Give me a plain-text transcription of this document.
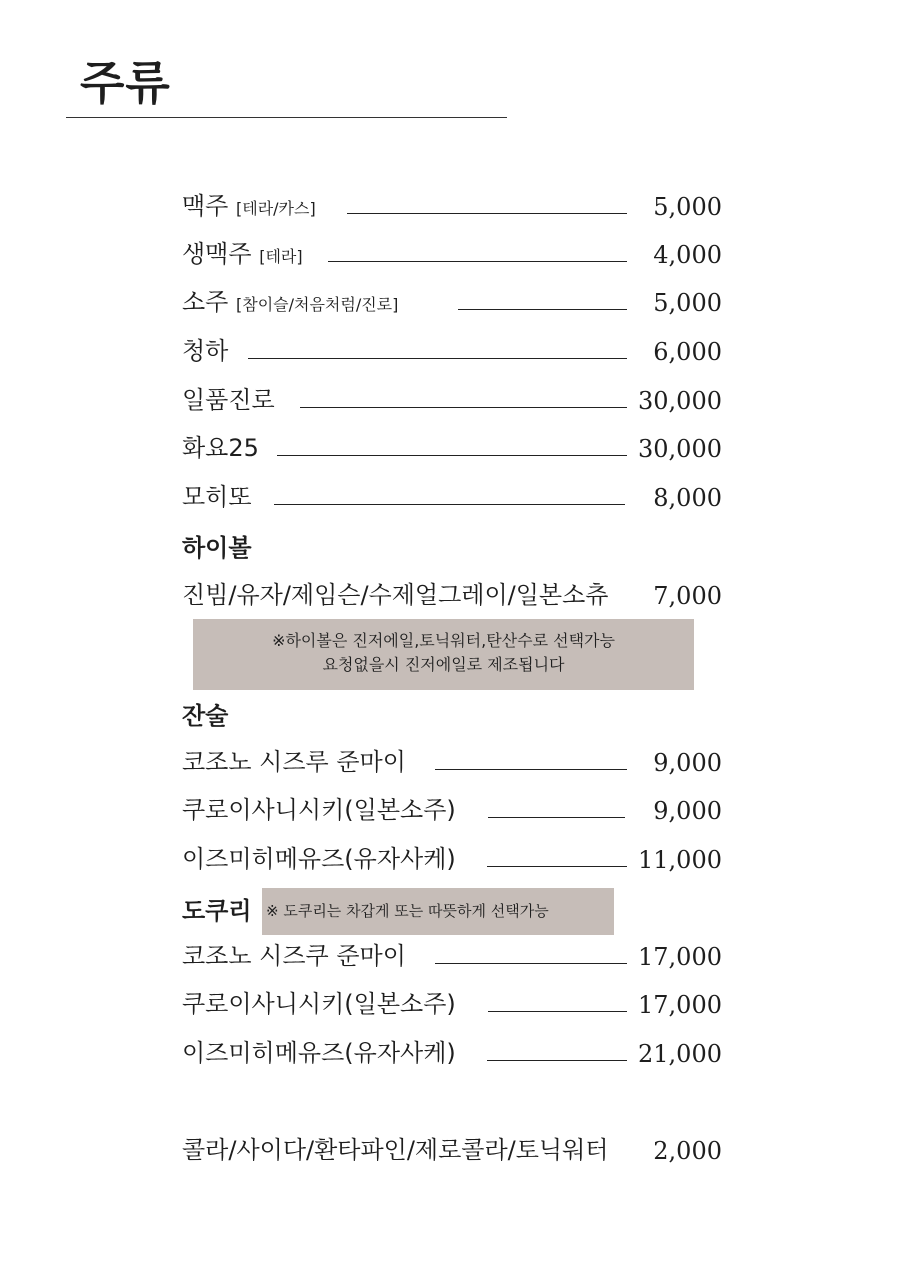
주류
맥주 [테라/카스]	5,000
생맥주 [테라]	4,000
소주 [참이슬/처음처럼/진로]	5,000
청하	6,000
일품진로	30,000
화요25	30,000
모히또	8,000
하이볼
진빔/유자/제임슨/수제얼그레이/일본소츄 7,000
※하이볼은 진저에일,토닉워터,탄산수로 선택가능
요청없을시 진저에일로 제조됩니다
잔술
코조노 시즈루 준마이	9,000
쿠로이사니시키(일본소주)	9,000
이즈미히메유즈(유자사케)	11,000
도쿠리 ※ 도쿠리는 차갑게 또는 따뜻하게 선택가능
코조노 시즈쿠 준마이	17,000
쿠로이사니시키(일본소주)	17,000
이즈미히메유즈(유자사케)	21,000
콜라/사이다/환타파인/제로콜라/토닉워터 2,000
